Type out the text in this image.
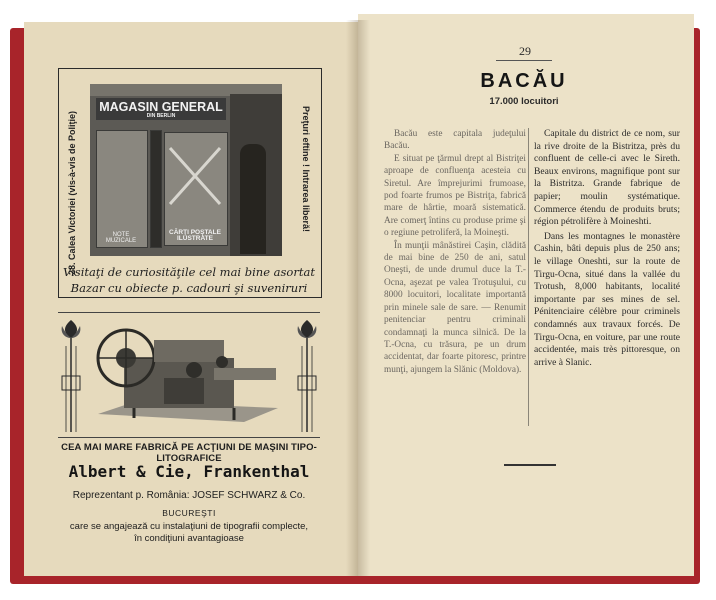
MAGASIN GENERAL
DIN BERLIN
NOTE MUZICALE
CĂRŢI POŞTALE ILUSTRATE
28. Calea Victoriei (vis-à-vis de Poliţie)	Preţuri eftine ! Intrarea liberă!
Visitaţi de curiosităţile cel mai bine asortat
Bazar cu obiecte p. cadouri şi suveniruri
CEA MAI MARE FABRICĂ PE ACŢIUNI DE MAŞINI TIPO-LITOGRAFICE
Albert & Cie, Frankenthal
Reprezentant p. România: JOSEF SCHWARZ & Co.
BUCUREŞTI
care se angajează cu instalaţiuni de tipografii complecte,
în condiţiuni avantagioase
29
BACĂU
17.000 locuitori

Bacău este capitala judeţului Bacău.

E situat pe ţărmul drept al Bistriţei aproape de confluenţa acesteia cu Siretul. Are împrejurimi frumoase, pod foarte frumos pe Bistriţa, fabrică mare de hârtie, moară sistematică. Are comerţ întins cu produse prime şi o regiune petroliferă, la Moineşti.

În munţii mânăstirei Caşin, clădită de mai bine de 250 de ani, satul Oneşti, de unde drumul duce la T.-Ocna, aşezat pe valea Trotuşului, cu 8000 locuitori, localitate importantă prin minele sale de sare. — Renumit penitenciar pentru criminali condamnaţi la munca silnică. De la T.-Ocna, cu trăsura, pe un drum accidentat, dar foarte pitoresc, printre munţi, ajungem la Slănic (Moldova).

Capitale du district de ce nom, sur la rive droite de la Bistritza, près du confluent de celle-ci avec le Sireth. Beaux environs, magnifique pont sur la Bistritza. Grande fabrique de papier; moulin systématique. Commerce étendu de produits bruts; région pétrolifère à Moineshti.

Dans les montagnes le monastère Cashin, bâti depuis plus de 250 ans; le village Oneshti, sur la route de Tirgu-Ocna, situé dans la vallée du Trotush, 8,000 habitants, localité importante par ses mines de sel. Pénitenciaire célèbre pour criminels condamnés aux travaux forcés. De Tirgu-Ocna, en voiture, par une route accidentée, mais très pittoresque, on arrive à Slanic.
